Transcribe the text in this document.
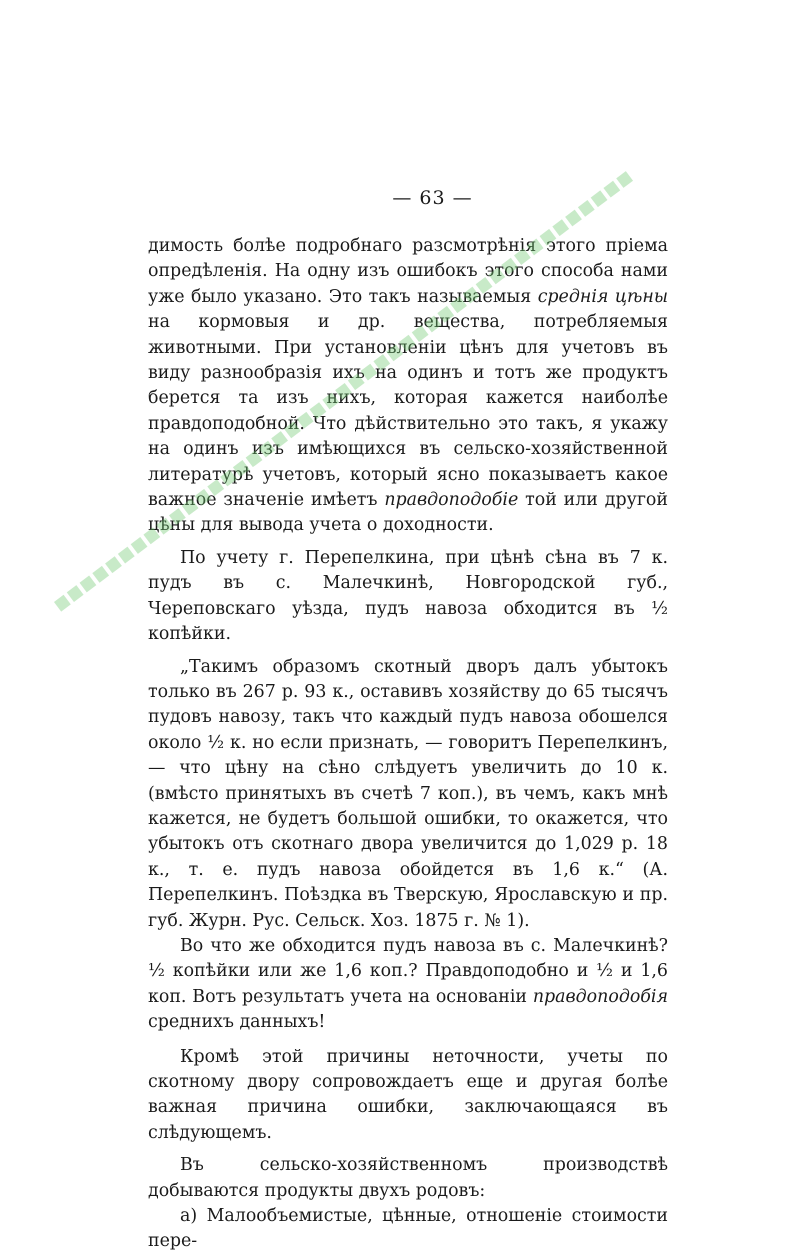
— 63 —

димость болѣе подробнаго разсмотрѣнія этого пріема опредѣленія. На одну изъ ошибокъ этого способа нами уже было указано. Это такъ называемыя среднія цѣны на кормовыя и др. вещества, потребляемыя животными. При установленіи цѣнъ для учетовъ въ виду разнообразія ихъ на одинъ и тотъ же продуктъ берется та изъ нихъ, которая кажется наиболѣе правдоподобной. Что дѣйствительно это такъ, я укажу на одинъ изъ имѣющихся въ сельско-хозяйственной литературѣ учетовъ, который ясно показываетъ какое важное значеніе имѣетъ правдоподобіе той или другой цѣны для вывода учета о доходности.

По учету г. Перепелкина, при цѣнѣ сѣна въ 7 к. пудъ въ с. Малечкинѣ, Новгородской губ., Череповскаго уѣзда, пудъ навоза обходится въ ½ копѣйки.

„Такимъ образомъ скотный дворъ далъ убытокъ только въ 267 р. 93 к., оставивъ хозяйству до 65 тысячъ пудовъ навозу, такъ что каждый пудъ навоза обошелся около ½ к. но если признать, — говоритъ Перепелкинъ, — что цѣну на сѣно слѣдуетъ увеличить до 10 к. (вмѣсто принятыхъ въ счетѣ 7 коп.), въ чемъ, какъ мнѣ кажется, не будетъ большой ошибки, то окажется, что убытокъ отъ скотнаго двора увеличится до 1,029 р. 18 к., т. е. пудъ навоза обойдется въ 1,6 к.“ (А. Перепелкинъ. Поѣздка въ Тверскую, Ярославскую и пр. губ. Журн. Рус. Сельск. Хоз. 1875 г. № 1).

Во что же обходится пудъ навоза въ с. Малечкинѣ? ½ копѣйки или же 1,6 коп.? Правдоподобно и ½ и 1,6 коп. Вотъ результатъ учета на основаніи правдоподобія среднихъ данныхъ!

Кромѣ этой причины неточности, учеты по скотному двору сопровождаетъ еще и другая болѣе важная причина ошибки, заключающаяся въ слѣдующемъ.

Въ сельско-хозяйственномъ производствѣ добываются продукты двухъ родовъ:

а) Малообъемистые, цѣнные, отношеніе стоимости пере-
